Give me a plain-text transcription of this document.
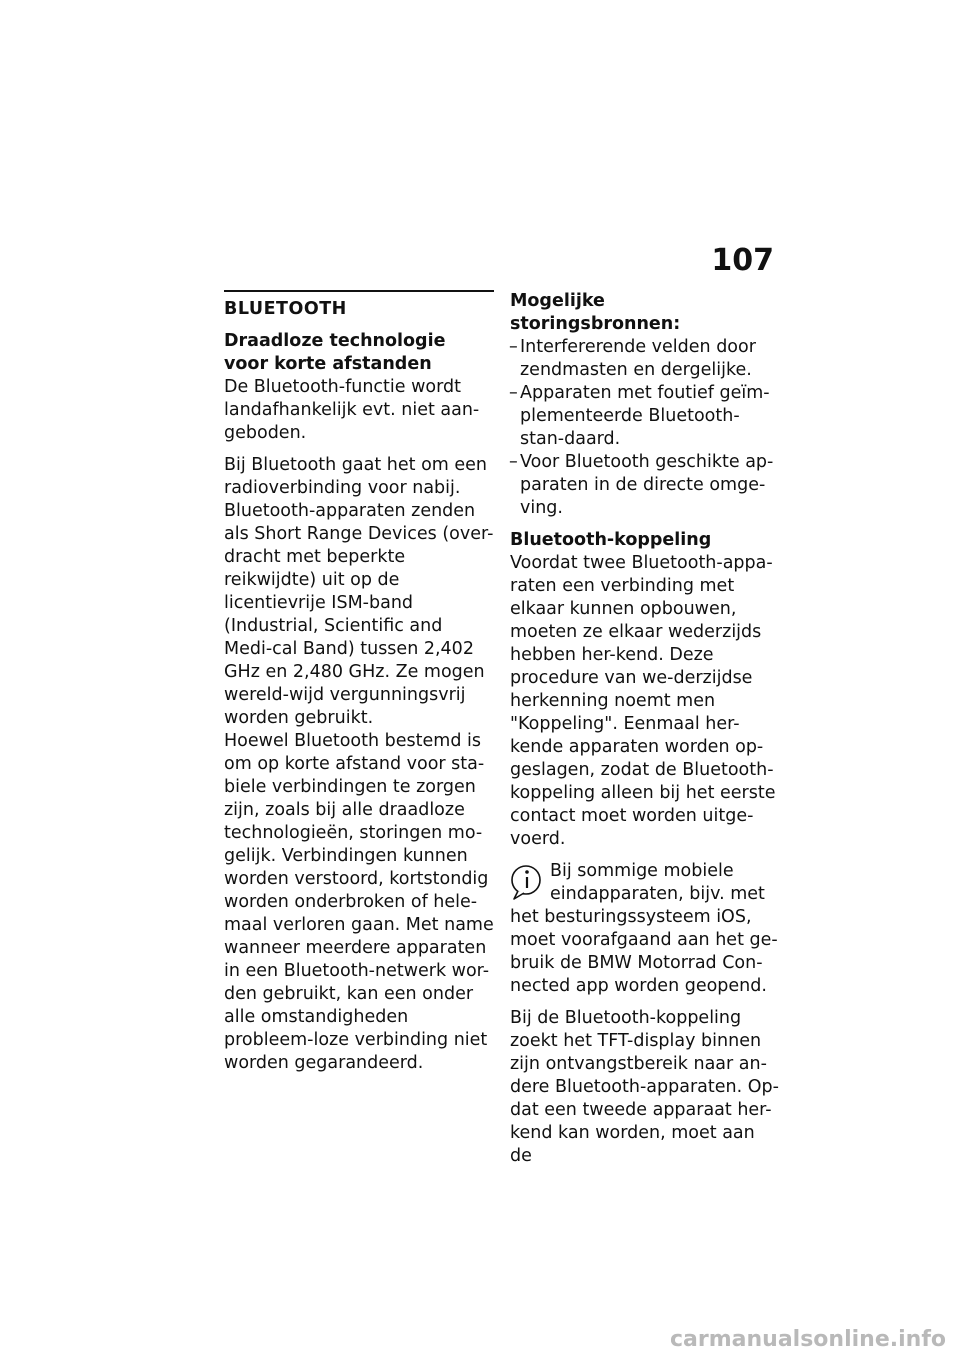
107
BLUETOOTH
Draadloze technologie voor korte afstanden

De Bluetooth-functie wordt landafhankelijk evt. niet aan-geboden.

Bij Bluetooth gaat het om een radioverbinding voor nabij. Bluetooth-apparaten zenden als Short Range Devices (over-dracht met beperkte reikwijdte) uit op de licentievrije ISM-band (Industrial, Scientific and Medi-cal Band) tussen 2,402 GHz en 2,480 GHz. Ze mogen wereld-wijd vergunningsvrij worden gebruikt.

Hoewel Bluetooth bestemd is om op korte afstand voor sta-biele verbindingen te zorgen zijn, zoals bij alle draadloze technologieën, storingen mo-gelijk. Verbindingen kunnen worden verstoord, kortstondig worden onderbroken of hele-maal verloren gaan. Met name wanneer meerdere apparaten in een Bluetooth-netwerk wor-den gebruikt, kan een onder alle omstandigheden probleem-loze verbinding niet worden gegarandeerd.

Mogelijke storingsbronnen:
– Interfererende velden door zendmasten en dergelijke.
– Apparaten met foutief geïm-plementeerde Bluetooth-stan-daard.
– Voor Bluetooth geschikte ap-paraten in de directe omge-ving.
Bluetooth-koppeling

Voordat twee Bluetooth-appa-raten een verbinding met elkaar kunnen opbouwen, moeten ze elkaar wederzijds hebben her-kend. Deze procedure van we-derzijdse herkenning noemt men "Koppeling". Eenmaal her-kende apparaten worden op-geslagen, zodat de Bluetooth-koppeling alleen bij het eerste contact moet worden uitge-voerd.

Bij sommige mobiele eindapparaten, bijv. met het besturingssysteem iOS, moet voorafgaand aan het ge-bruik de BMW Motorrad Con-nected app worden geopend.

Bij de Bluetooth-koppeling zoekt het TFT-display binnen zijn ontvangstbereik naar an-dere Bluetooth-apparaten. Op-dat een tweede apparaat her-kend kan worden, moet aan de

carmanualsonline.info
